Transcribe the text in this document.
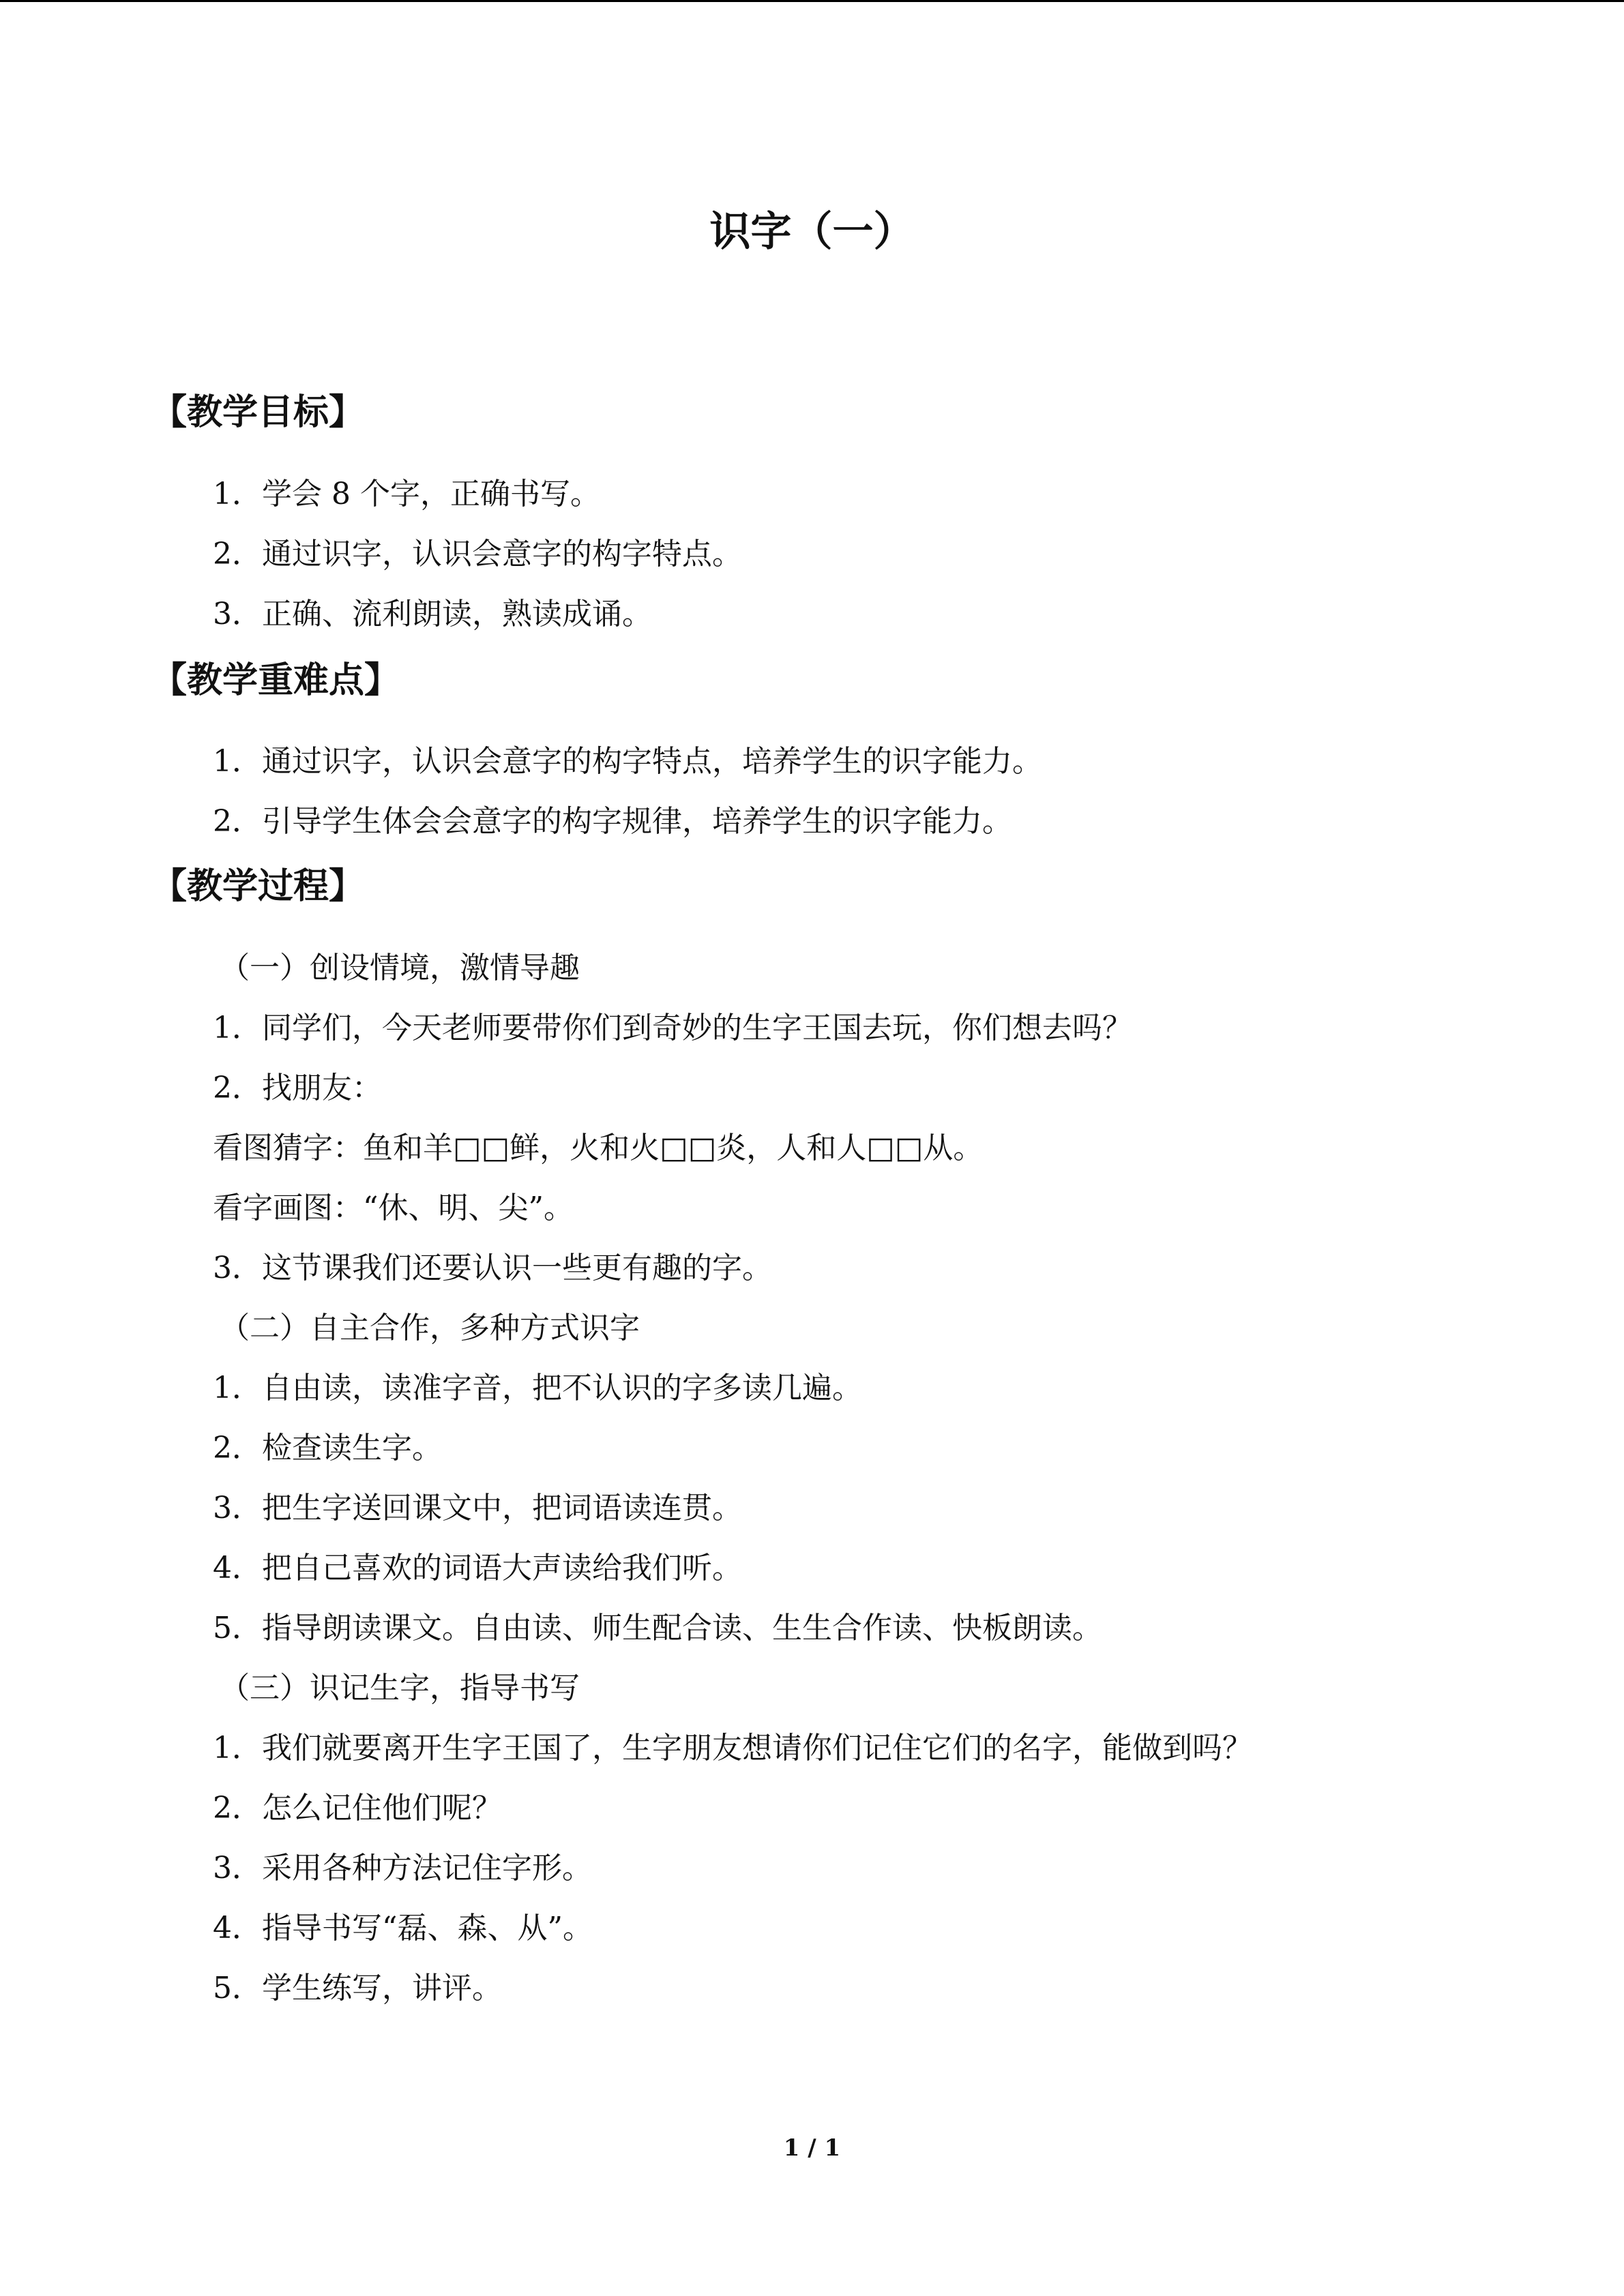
识字（一）
【教学目标】

1．学会 8 个字，正确书写。

2．通过识字，认识会意字的构字特点。

3．正确、流利朗读，熟读成诵。

【教学重难点】

1．通过识字，认识会意字的构字特点，培养学生的识字能力。

2．引导学生体会会意字的构字规律，培养学生的识字能力。

【教学过程】

（一）创设情境，激情导趣

1．同学们，今天老师要带你们到奇妙的生字王国去玩，你们想去吗？

2．找朋友：

看图猜字：鱼和羊□□鲜，火和火□□炎，人和人□□从。

看字画图：“休、明、尖”。

3．这节课我们还要认识一些更有趣的字。

（二）自主合作，多种方式识字

1．自由读，读准字音，把不认识的字多读几遍。

2．检查读生字。

3．把生字送回课文中，把词语读连贯。

4．把自己喜欢的词语大声读给我们听。

5．指导朗读课文。自由读、师生配合读、生生合作读、快板朗读。

（三）识记生字，指导书写

1．我们就要离开生字王国了，生字朋友想请你们记住它们的名字，能做到吗？

2．怎么记住他们呢？

3．采用各种方法记住字形。

4．指导书写“磊、森、从”。

5．学生练写，讲评。

1 / 1
